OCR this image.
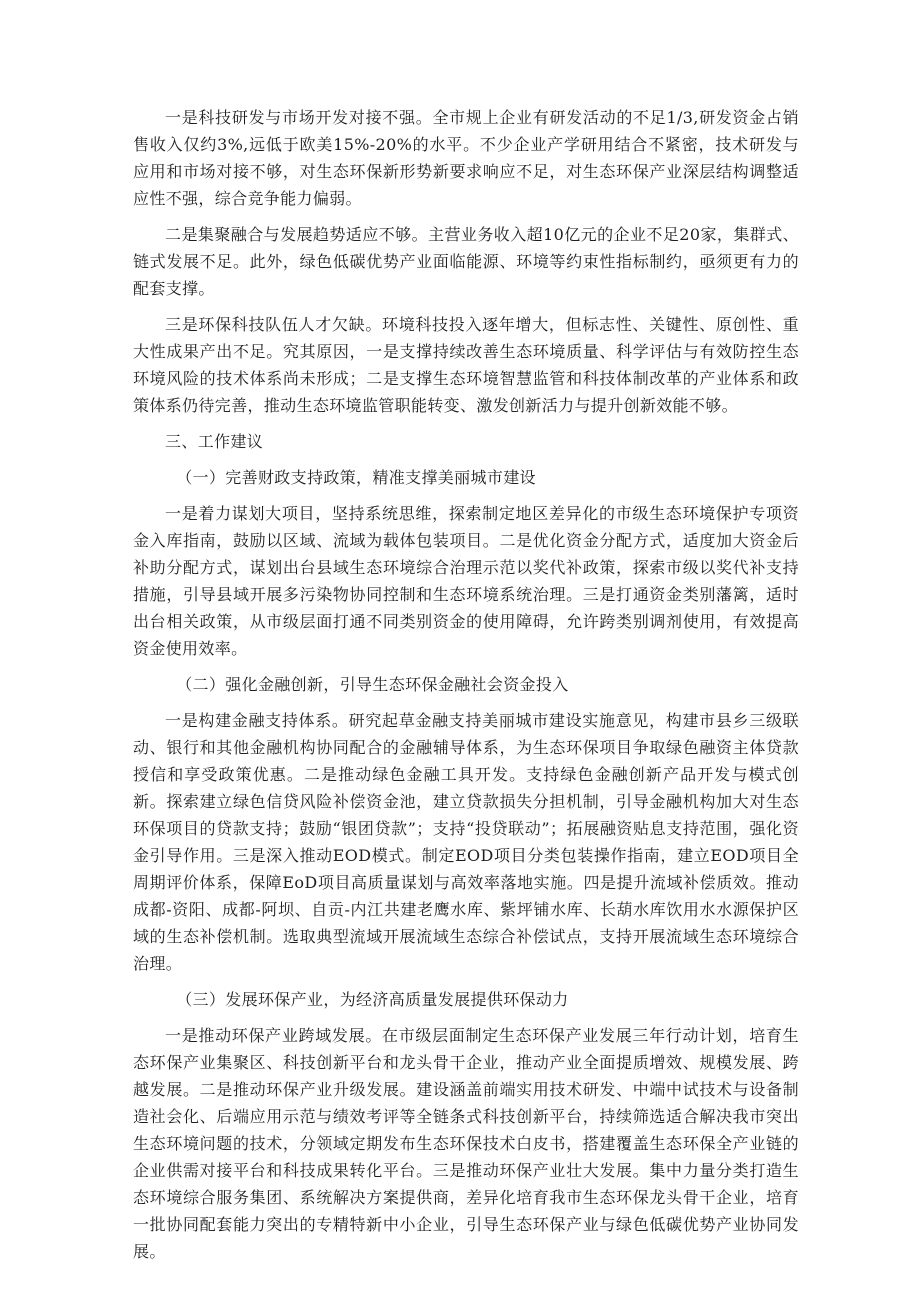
一是科技研发与市场开发对接不强。全市规上企业有研发活动的不足1/3,研发资金占销售收入仅约3%,远低于欧美15%-20%的水平。不少企业产学研用结合不紧密，技术研发与应用和市场对接不够，对生态环保新形势新要求响应不足，对生态环保产业深层结构调整适应性不强，综合竞争能力偏弱。

二是集聚融合与发展趋势适应不够。主营业务收入超10亿元的企业不足20家，集群式、链式发展不足。此外，绿色低碳优势产业面临能源、环境等约束性指标制约，亟须更有力的配套支撑。

三是环保科技队伍人才欠缺。环境科技投入逐年增大，但标志性、关键性、原创性、重大性成果产出不足。究其原因，一是支撑持续改善生态环境质量、科学评估与有效防控生态环境风险的技术体系尚未形成；二是支撑生态环境智慧监管和科技体制改革的产业体系和政策体系仍待完善，推动生态环境监管职能转变、激发创新活力与提升创新效能不够。

三、工作建议

（一）完善财政支持政策，精准支撑美丽城市建设

一是着力谋划大项目，坚持系统思维，探索制定地区差异化的市级生态环境保护专项资金入库指南，鼓励以区域、流域为载体包装项目。二是优化资金分配方式，适度加大资金后补助分配方式，谋划出台县域生态环境综合治理示范以奖代补政策，探索市级以奖代补支持措施，引导县域开展多污染物协同控制和生态环境系统治理。三是打通资金类别藩篱，适时出台相关政策，从市级层面打通不同类别资金的使用障碍，允许跨类别调剂使用，有效提高资金使用效率。

（二）强化金融创新，引导生态环保金融社会资金投入

一是构建金融支持体系。研究起草金融支持美丽城市建设实施意见，构建市县乡三级联动、银行和其他金融机构协同配合的金融辅导体系，为生态环保项目争取绿色融资主体贷款授信和享受政策优惠。二是推动绿色金融工具开发。支持绿色金融创新产品开发与模式创新。探索建立绿色信贷风险补偿资金池，建立贷款损失分担机制，引导金融机构加大对生态环保项目的贷款支持；鼓励“银团贷款”；支持“投贷联动”；拓展融资贴息支持范围，强化资金引导作用。三是深入推动EOD模式。制定EOD项目分类包装操作指南，建立EOD项目全周期评价体系，保障EoD项目高质量谋划与高效率落地实施。四是提升流域补偿质效。推动成都-资阳、成都-阿坝、自贡-内江共建老鹰水库、紫坪铺水库、长葫水库饮用水水源保护区域的生态补偿机制。选取典型流域开展流域生态综合补偿试点，支持开展流域生态环境综合治理。

（三）发展环保产业，为经济高质量发展提供环保动力

一是推动环保产业跨域发展。在市级层面制定生态环保产业发展三年行动计划，培育生态环保产业集聚区、科技创新平台和龙头骨干企业，推动产业全面提质增效、规模发展、跨越发展。二是推动环保产业升级发展。建设涵盖前端实用技术研发、中端中试技术与设备制造社会化、后端应用示范与绩效考评等全链条式科技创新平台，持续筛选适合解决我市突出生态环境问题的技术，分领域定期发布生态环保技术白皮书，搭建覆盖生态环保全产业链的企业供需对接平台和科技成果转化平台。三是推动环保产业壮大发展。集中力量分类打造生态环境综合服务集团、系统解决方案提供商，差异化培育我市生态环保龙头骨干企业，培育一批协同配套能力突出的专精特新中小企业，引导生态环保产业与绿色低碳优势产业协同发展。
